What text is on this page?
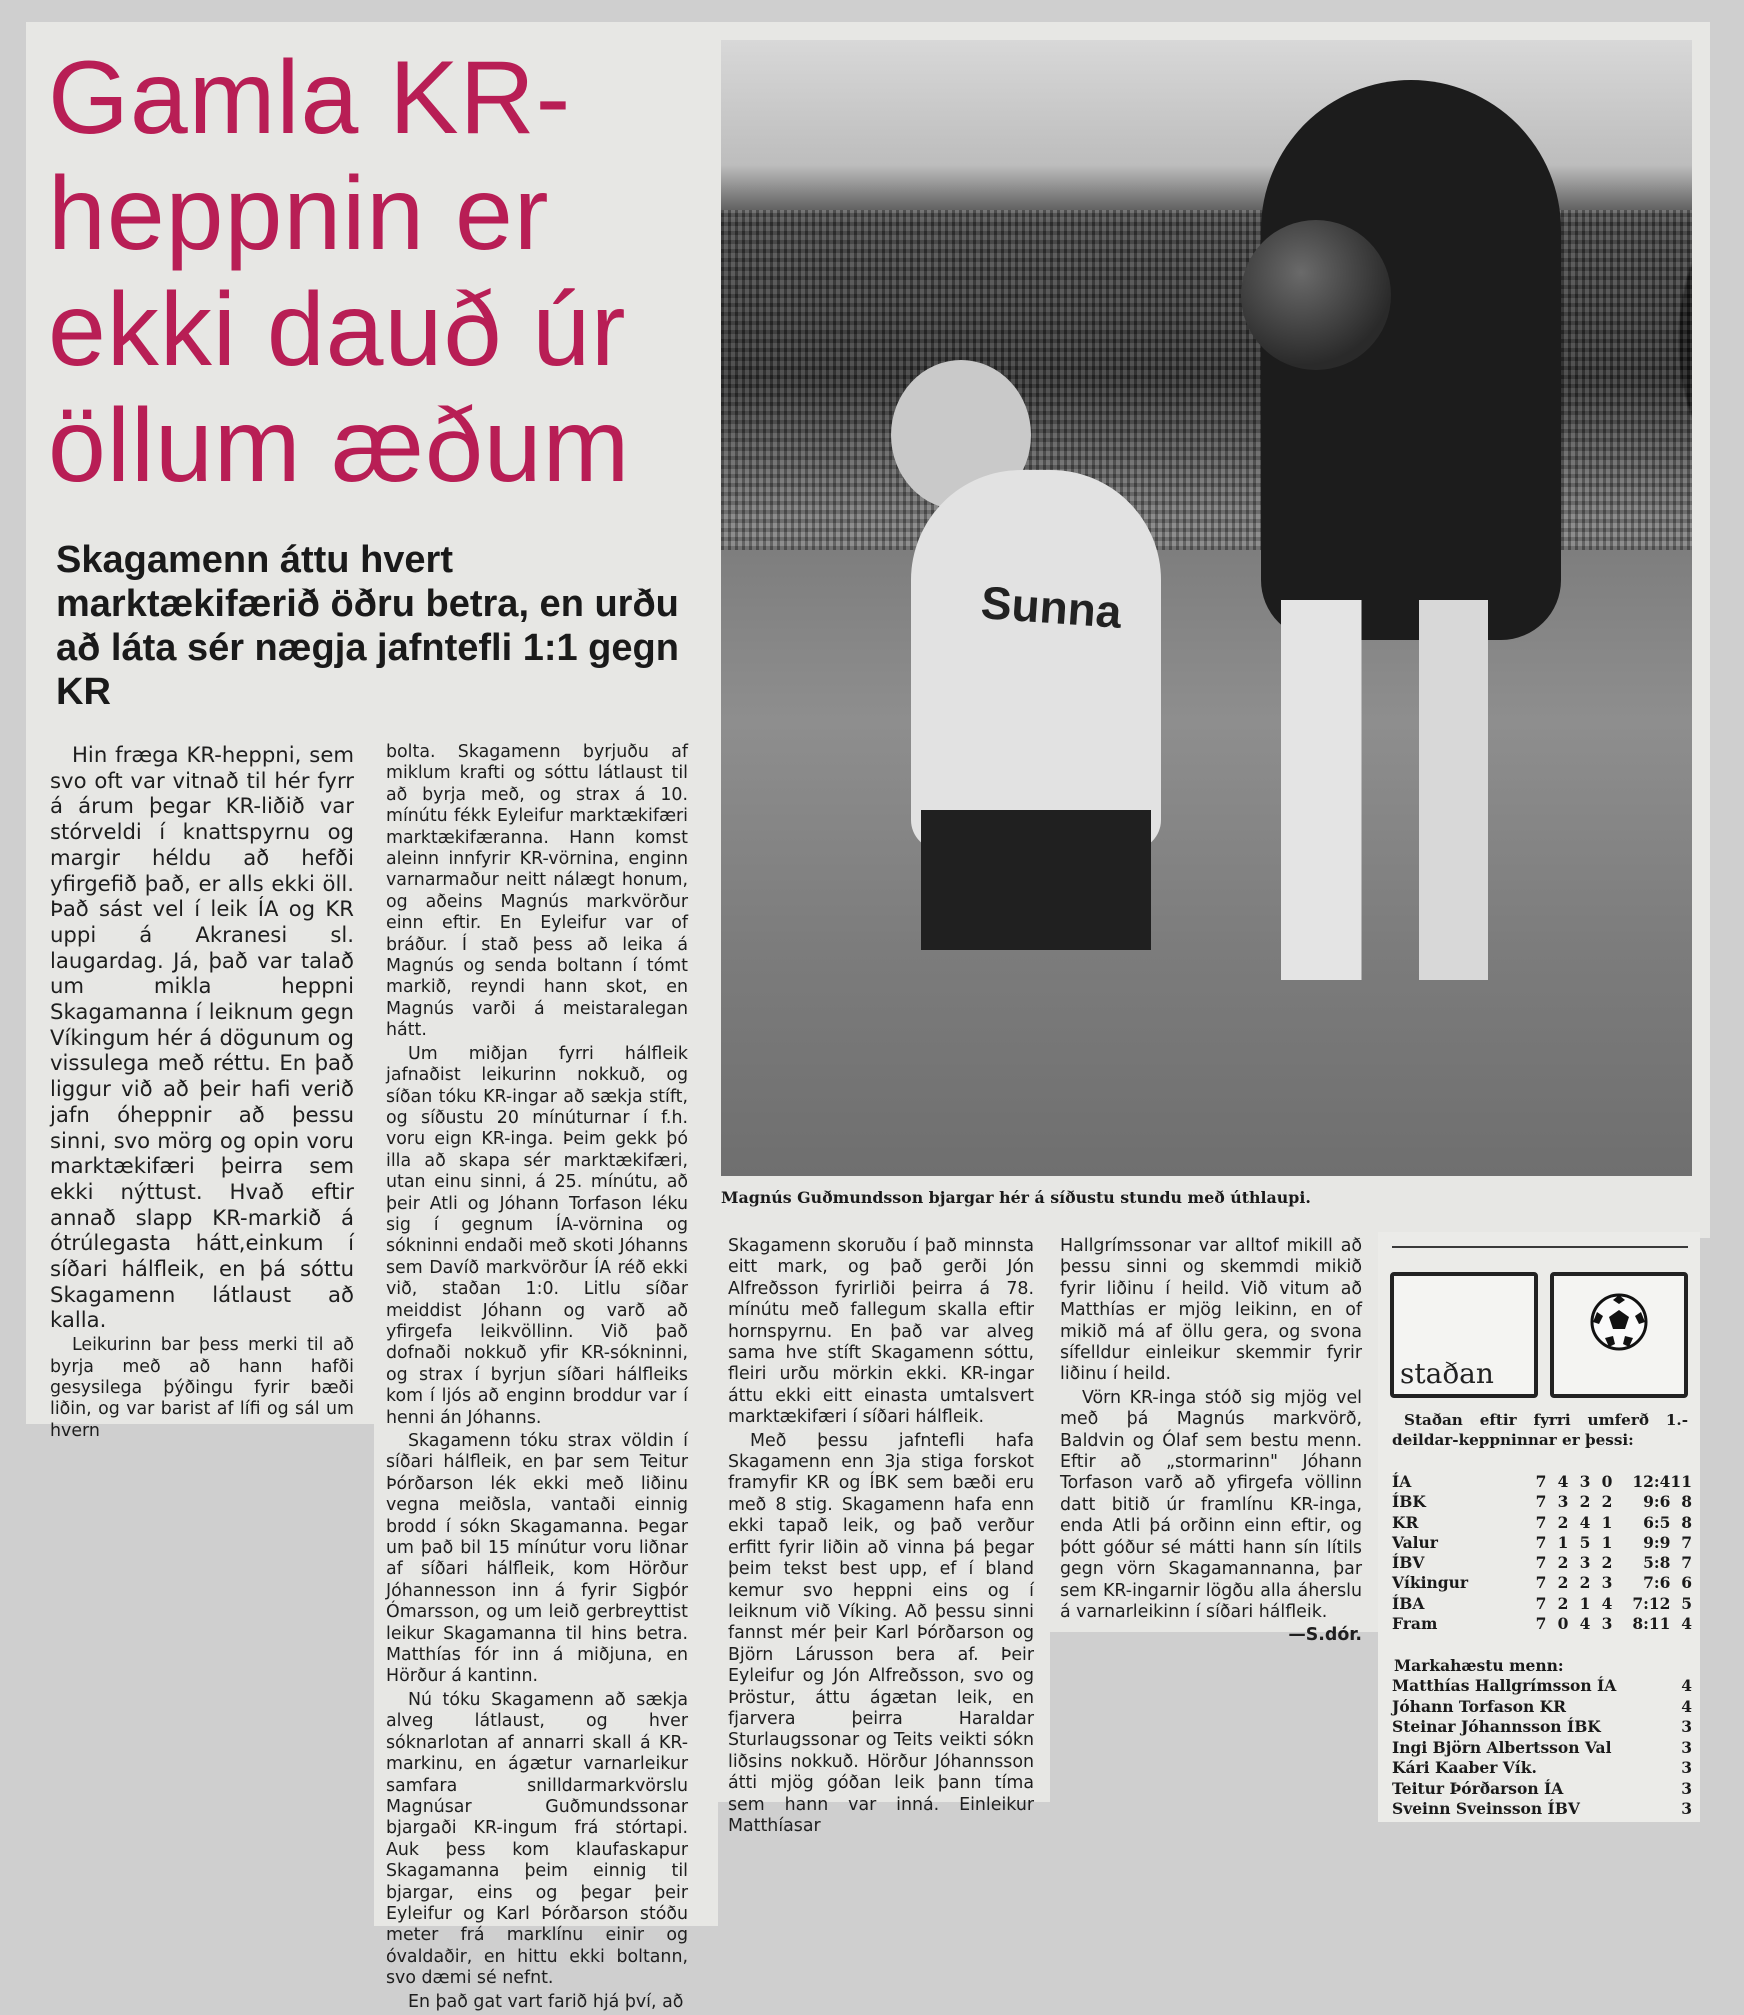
Gamla KR-
heppnin er
ekki dauð úr
öllum æðum
Skagamenn áttu hvert marktækifærið öðru betra, en urðu að láta sér nægja jafntefli 1:1 gegn KR

Hin fræga KR-heppni, sem svo oft var vitnað til hér fyrr á árum þegar KR-liðið var stórveldi í knattspyrnu og margir héldu að hefði yfirgefið það, er alls ekki öll. Það sást vel í leik ÍA og KR uppi á Akranesi sl. laugardag. Já, það var talað um mikla heppni Skagamanna í leiknum gegn Víkingum hér á dögunum og vissulega með réttu. En það liggur við að þeir hafi verið jafn óheppnir að þessu sinni, svo mörg og opin voru marktækifæri þeirra sem ekki nýttust. Hvað eftir annað slapp KR-markið á ótrúlegasta hátt,einkum í síðari hálfleik, en þá sóttu Skagamenn látlaust að kalla.

Leikurinn bar þess merki til að byrja með að hann hafði gesysilega þýðingu fyrir bæði liðin, og var barist af lífi og sál um hvern

bolta. Skagamenn byrjuðu af miklum krafti og sóttu látlaust til að byrja með, og strax á 10. mínútu fékk Eyleifur marktækifæri marktækifæranna. Hann komst aleinn innfyrir KR-vörnina, enginn varnarmaður neitt nálægt honum, og aðeins Magnús markvörður einn eftir. En Eyleifur var of bráður. Í stað þess að leika á Magnús og senda boltann í tómt markið, reyndi hann skot, en Magnús varði á meistaralegan hátt.

Um miðjan fyrri hálfleik jafnaðist leikurinn nokkuð, og síðan tóku KR-ingar að sækja stíft, og síðustu 20 mínúturnar í f.h. voru eign KR-inga. Þeim gekk þó illa að skapa sér marktækifæri, utan einu sinni, á 25. mínútu, að þeir Atli og Jóhann Torfason léku sig í gegnum ÍA-vörnina og sókninni endaði með skoti Jóhanns sem Davíð markvörður ÍA réð ekki við, staðan 1:0. Litlu síðar meiddist Jóhann og varð að yfirgefa leikvöllinn. Við það dofnaði nokkuð yfir KR-sókninni, og strax í byrjun síðari hálfleiks kom í ljós að enginn broddur var í henni án Jóhanns.

Skagamenn tóku strax völdin í síðari hálfleik, en þar sem Teitur Þórðarson lék ekki með liðinu vegna meiðsla, vantaði einnig brodd í sókn Skagamanna. Þegar um það bil 15 mínútur voru liðnar af síðari hálfleik, kom Hörður Jóhannesson inn á fyrir Sigþór Ómarsson, og um leið gerbreyttist leikur Skagamanna til hins betra. Matthías fór inn á miðjuna, en Hörður á kantinn.

Nú tóku Skagamenn að sækja alveg látlaust, og hver sóknarlotan af annarri skall á KR-markinu, en ágætur varnarleikur samfara snilldarmarkvörslu Magnúsar Guðmundssonar bjargaði KR-ingum frá stórtapi. Auk þess kom klaufaskapur Skagamanna þeim einnig til bjargar, eins og þegar þeir Eyleifur og Karl Þórðarson stóðu meter frá marklínu einir og óvaldaðir, en hittu ekki boltann, svo dæmi sé nefnt.

En það gat vart farið hjá því, að

Sunna
Magnús Guðmundsson bjargar hér á síðustu stundu með úthlaupi.

Skagamenn skoruðu í það minnsta eitt mark, og það gerði Jón Alfreðsson fyrirliði þeirra á 78. mínútu með fallegum skalla eftir hornspyrnu. En það var alveg sama hve stíft Skagamenn sóttu, fleiri urðu mörkin ekki. KR-ingar áttu ekki eitt einasta umtalsvert marktækifæri í síðari hálfleik.

Með þessu jafntefli hafa Skagamenn enn 3ja stiga forskot framyfir KR og ÍBK sem bæði eru með 8 stig. Skagamenn hafa enn ekki tapað leik, og það verður erfitt fyrir liðin að vinna þá þegar þeim tekst best upp, ef í bland kemur svo heppni eins og í leiknum við Víking. Að þessu sinni fannst mér þeir Karl Þórðarson og Björn Lárusson bera af. Þeir Eyleifur og Jón Alfreðsson, svo og Þröstur, áttu ágætan leik, en fjarvera þeirra Haraldar Sturlaugssonar og Teits veikti sókn liðsins nokkuð. Hörður Jóhannsson átti mjög góðan leik þann tíma sem hann var inná. Einleikur Matthíasar

Hallgrímssonar var alltof mikill að þessu sinni og skemmdi mikið fyrir liðinu í heild. Við vitum að Matthías er mjög leikinn, en of mikið má af öllu gera, og svona sífelldur einleikur skemmir fyrir liðinu í heild.

Vörn KR-inga stóð sig mjög vel með þá Magnús markvörð, Baldvin og Ólaf sem bestu menn. Eftir að „stormarinn" Jóhann Torfason varð að yfirgefa völlinn datt bitið úr framlínu KR-inga, enda Atli þá orðinn einn eftir, og þótt góður sé mátti hann sín lítils gegn vörn Skagamannanna, þar sem KR-ingarnir lögðu alla áherslu á varnarleikinn í síðari hálfleik.

—S.dór.

staðan
Staðan eftir fyrri umferð 1.-deildar-keppninnar er þessi:
ÍA	7	4	3	0	12:4	11
ÍBK	7	3	2	2	9:6	8
KR	7	2	4	1	6:5	8
Valur	7	1	5	1	9:9	7
ÍBV	7	2	3	2	5:8	7
Víkingur	7	2	2	3	7:6	6
ÍBA	7	2	1	4	7:12	5
Fram	7	0	4	3	8:11	4
Markahæstu menn:
Matthías Hallgrímsson ÍA	4
Jóhann Torfason KR	4
Steinar Jóhannsson ÍBK	3
Ingi Björn Albertsson Val	3
Kári Kaaber Vík.	3
Teitur Þórðarson ÍA	3
Sveinn Sveinsson ÍBV	3
